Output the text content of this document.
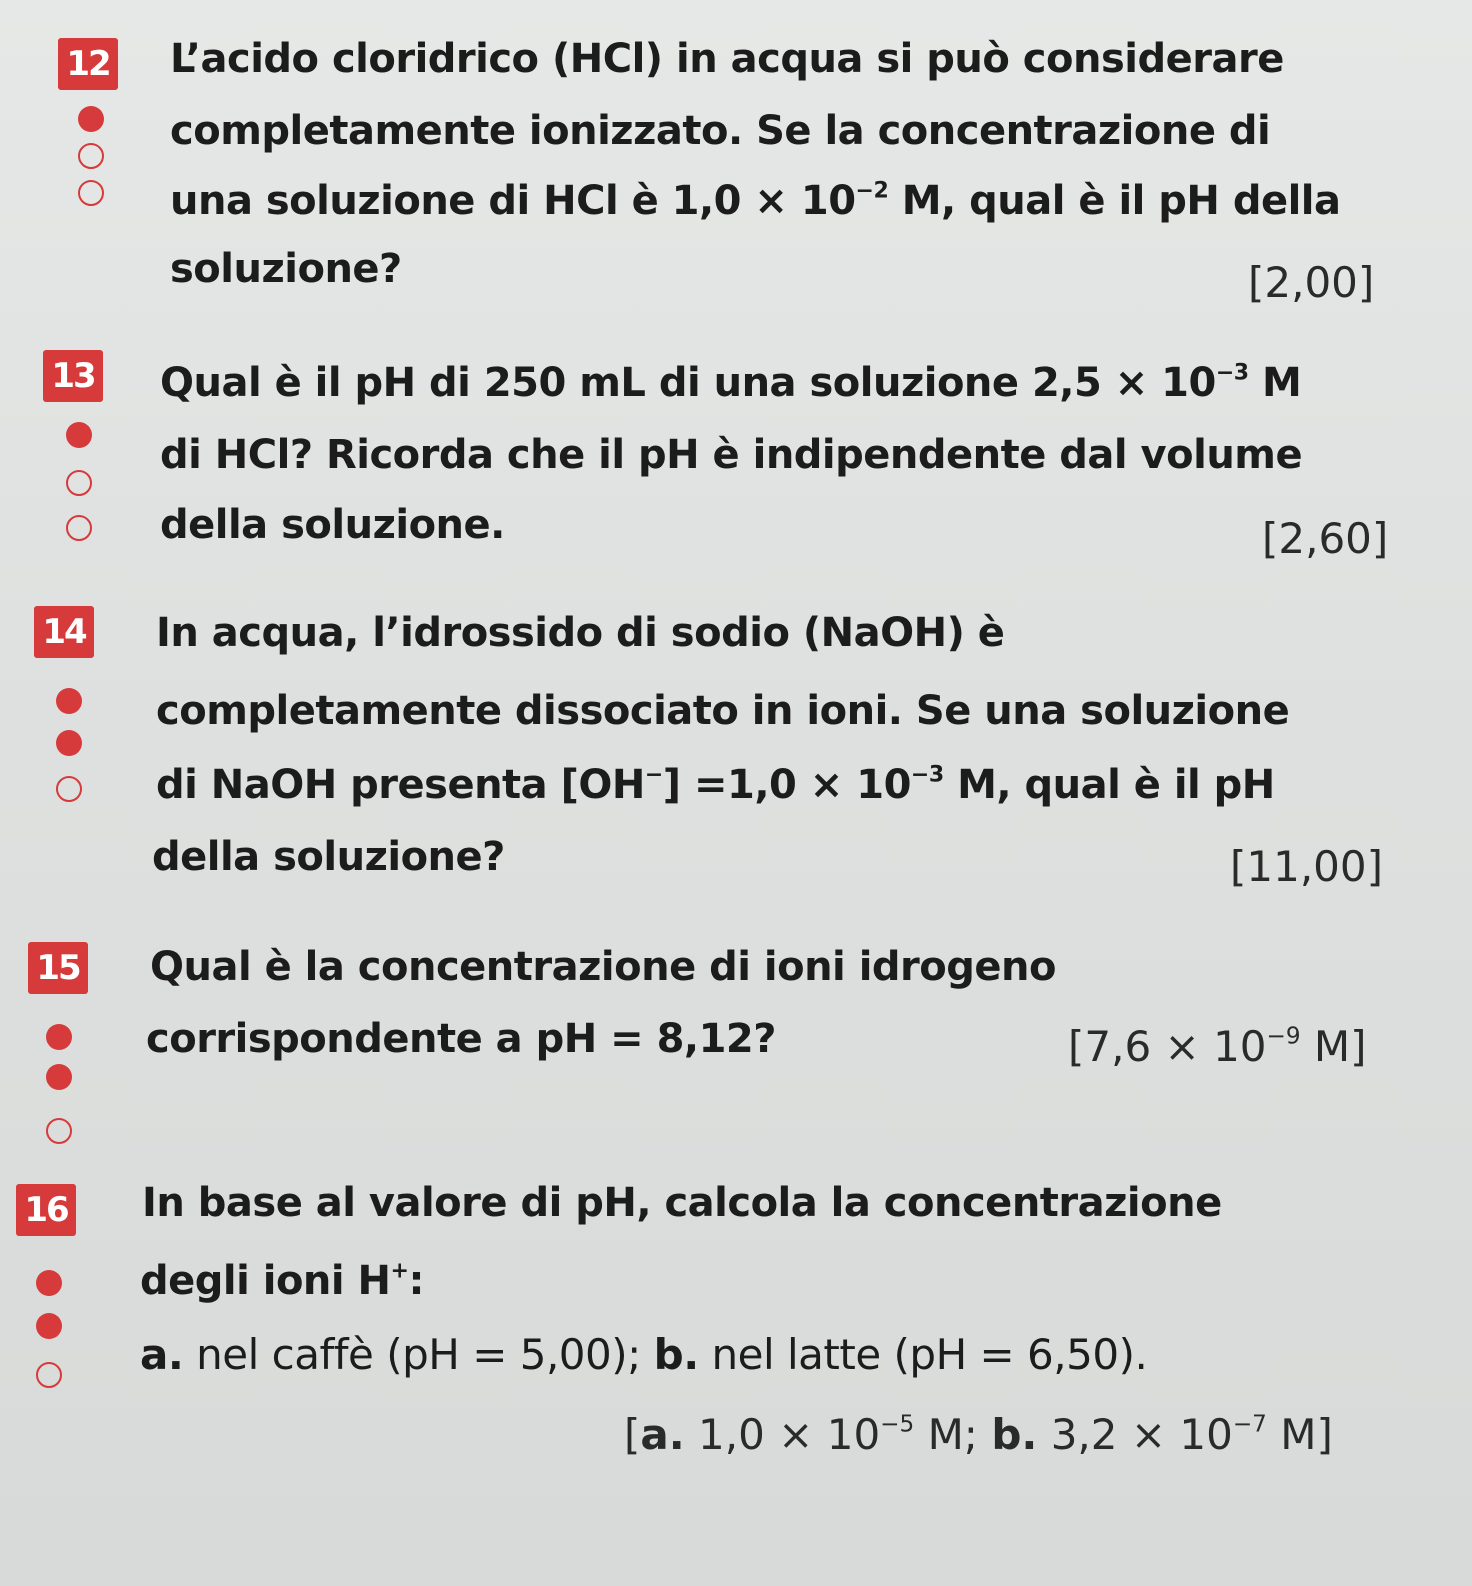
12 L’acido cloridrico (HCl) in acqua si può considerare
completamente ionizzato. Se la concentrazione di
una soluzione di HCl è $1,0 \times 10^{-2}$ M, qual è il pH della
soluzione?	[2,00]
13 Qual è il pH di 250 mL di una soluzione $2,5 \times 10^{-3}$ M
di HCl? Ricorda che il pH è indipendente dal volume
della soluzione.	[2,60]
14 In acqua, l’idrossido di sodio (NaOH) è
completamente dissociato in ioni. Se una soluzione
di NaOH presenta $[OH^-] =1,0 \times 10^{-3}$ M, qual è il pH
della soluzione?	[11,00]
15 Qual è la concentrazione di ioni idrogeno
corrispondente a pH = 8,12?	[$7,6 \times 10^{-9}$ M]
16 In base al valore di pH, calcola la concentrazione
degli ioni H+:
a. nel caffè (pH = 5,00); b. nel latte (pH = 6,50).
[a. $1,0 \times 10^{-5}$ M; b. $3,2 \times 10^{-7}$ M]
